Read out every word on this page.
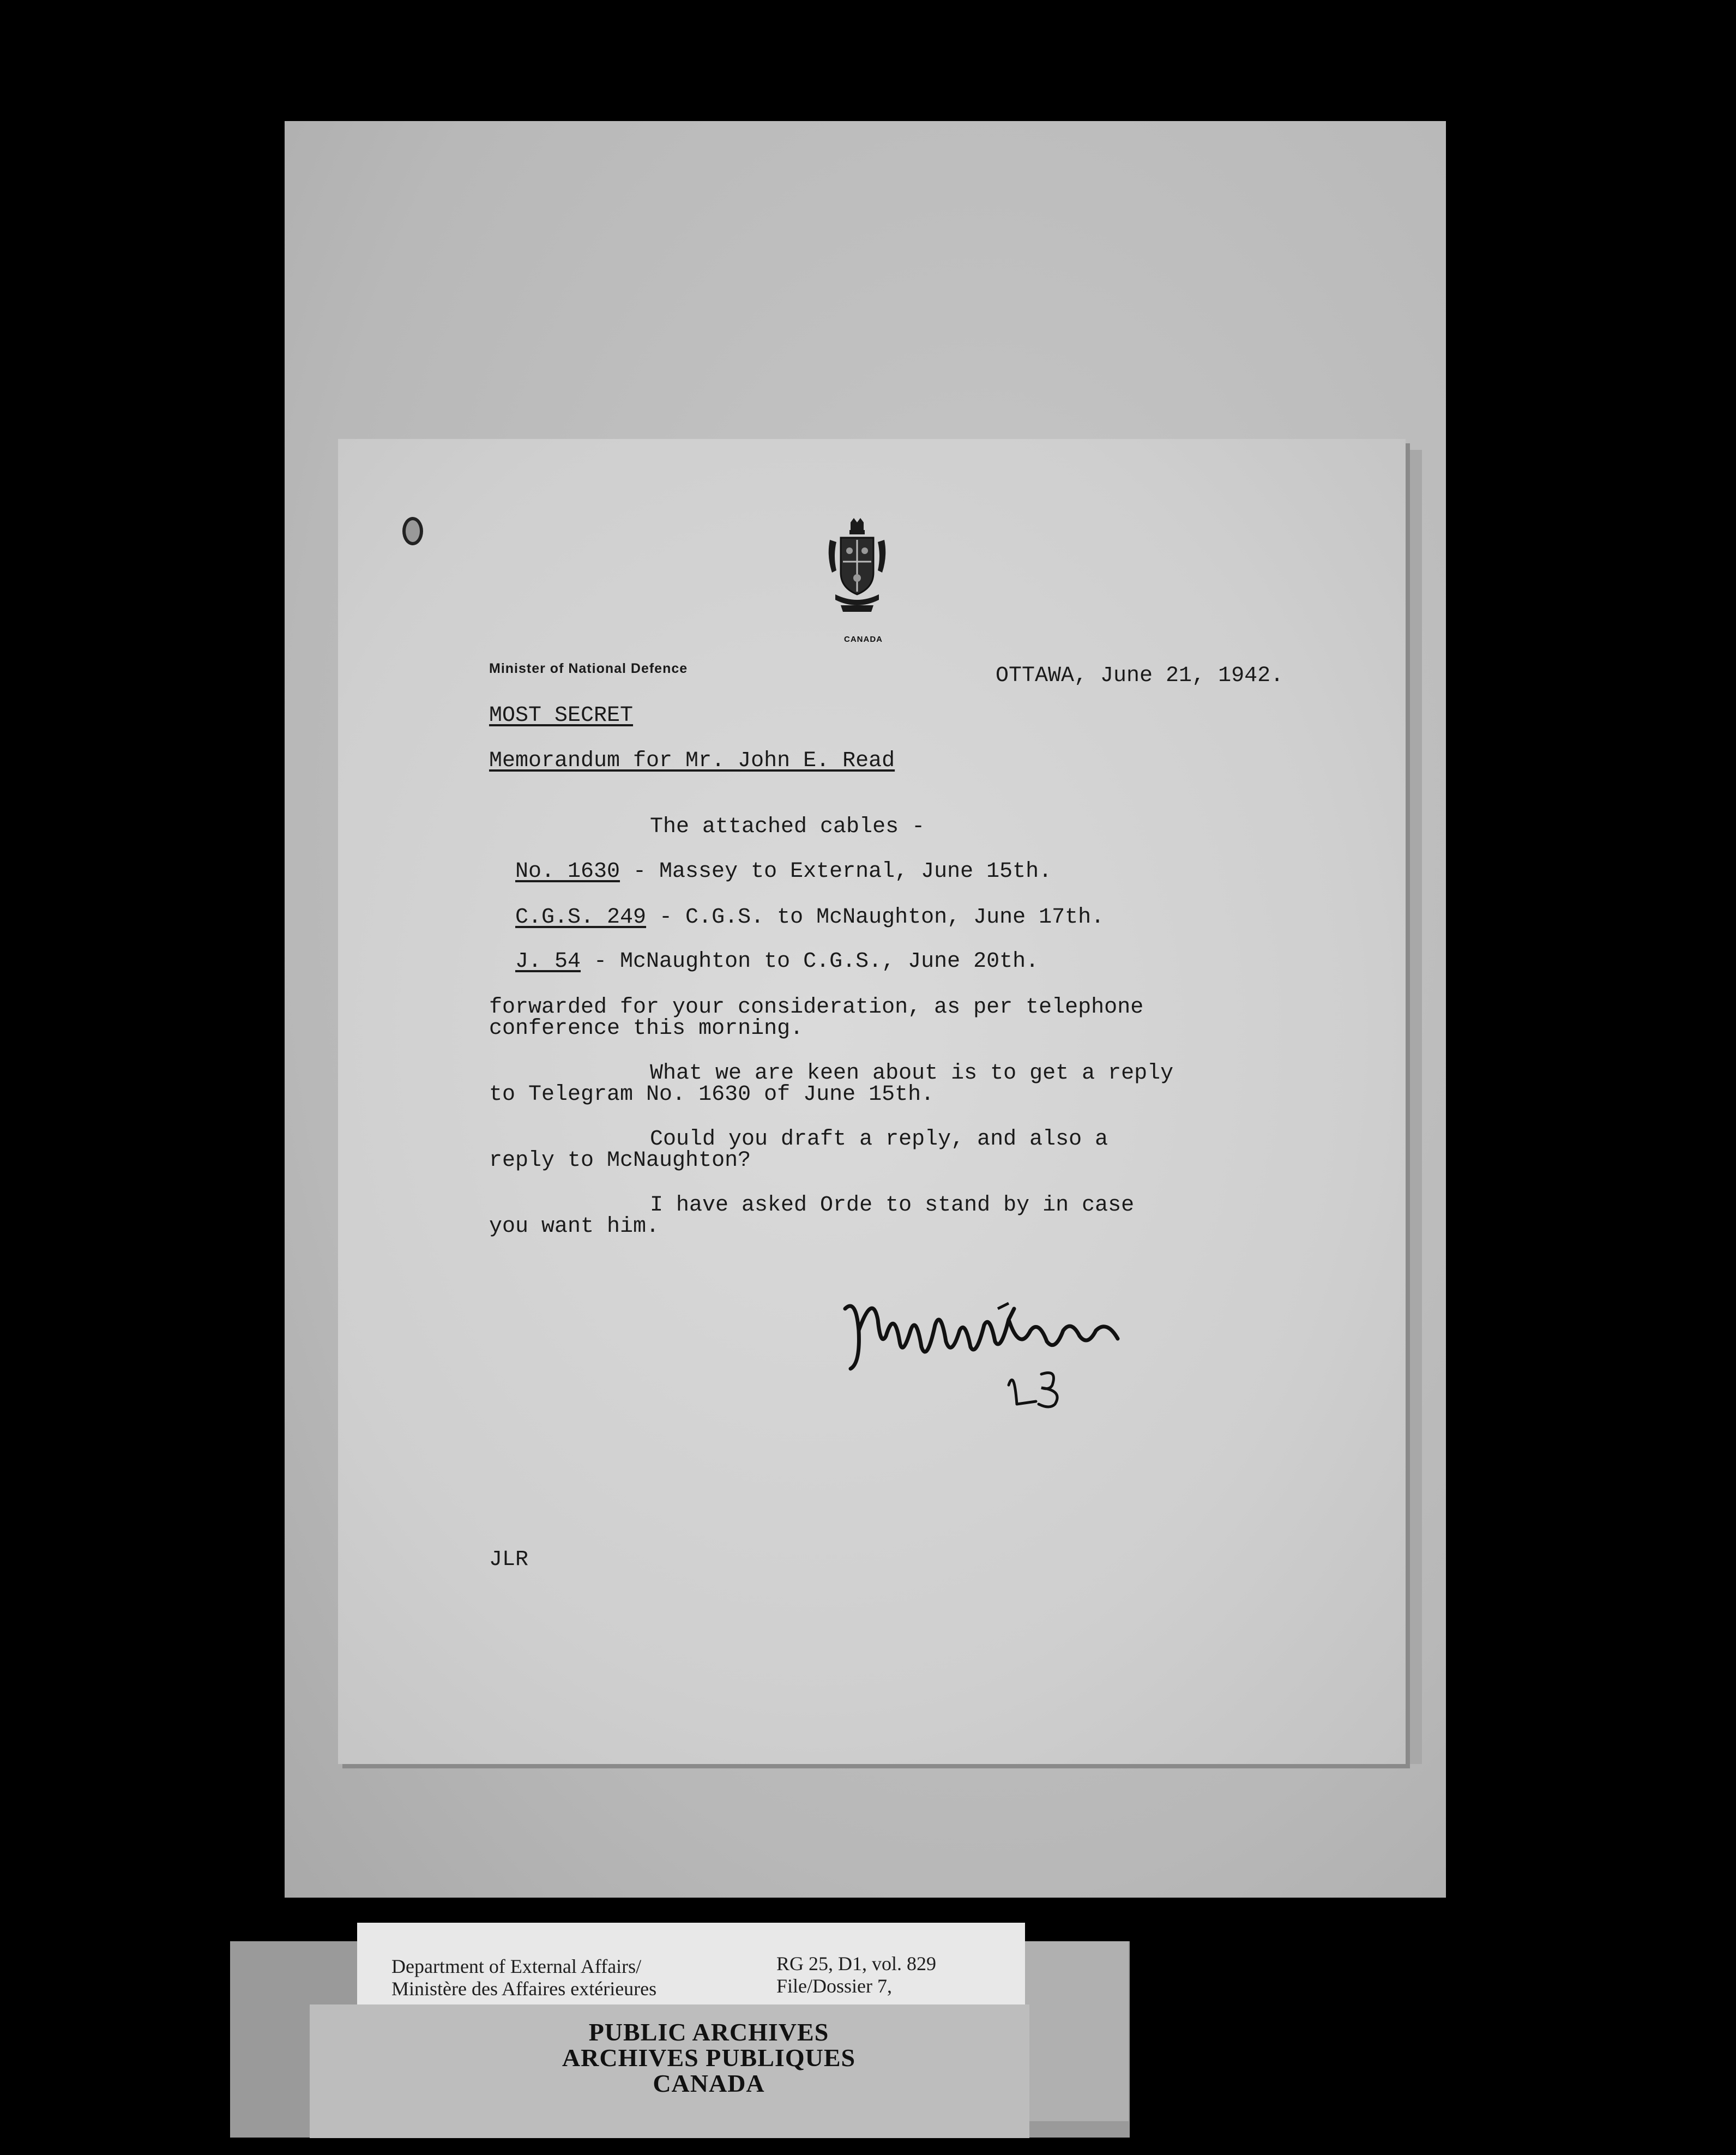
CANADA
Minister of National Defence	OTTAWA, June 21, 1942.
MOST SECRET
Memorandum for Mr. John E. Read
The attached cables -
No. 1630 - Massey to External, June 15th.
C.G.S. 249 - C.G.S. to McNaughton, June 17th.
J. 54 - McNaughton to C.G.S., June 20th.
forwarded for your consideration, as per telephone
conference this morning.
What we are keen about is to get a reply
to Telegram No. 1630 of June 15th.
Could you draft a reply, and also a
reply to McNaughton?
I have asked Orde to stand by in case
you want him.
JLR
Department of External Affairs/
Ministère des Affaires extérieures
RG 25, D1, vol. 829
File/Dossier 7,
PUBLIC ARCHIVES
ARCHIVES PUBLIQUES
CANADA
